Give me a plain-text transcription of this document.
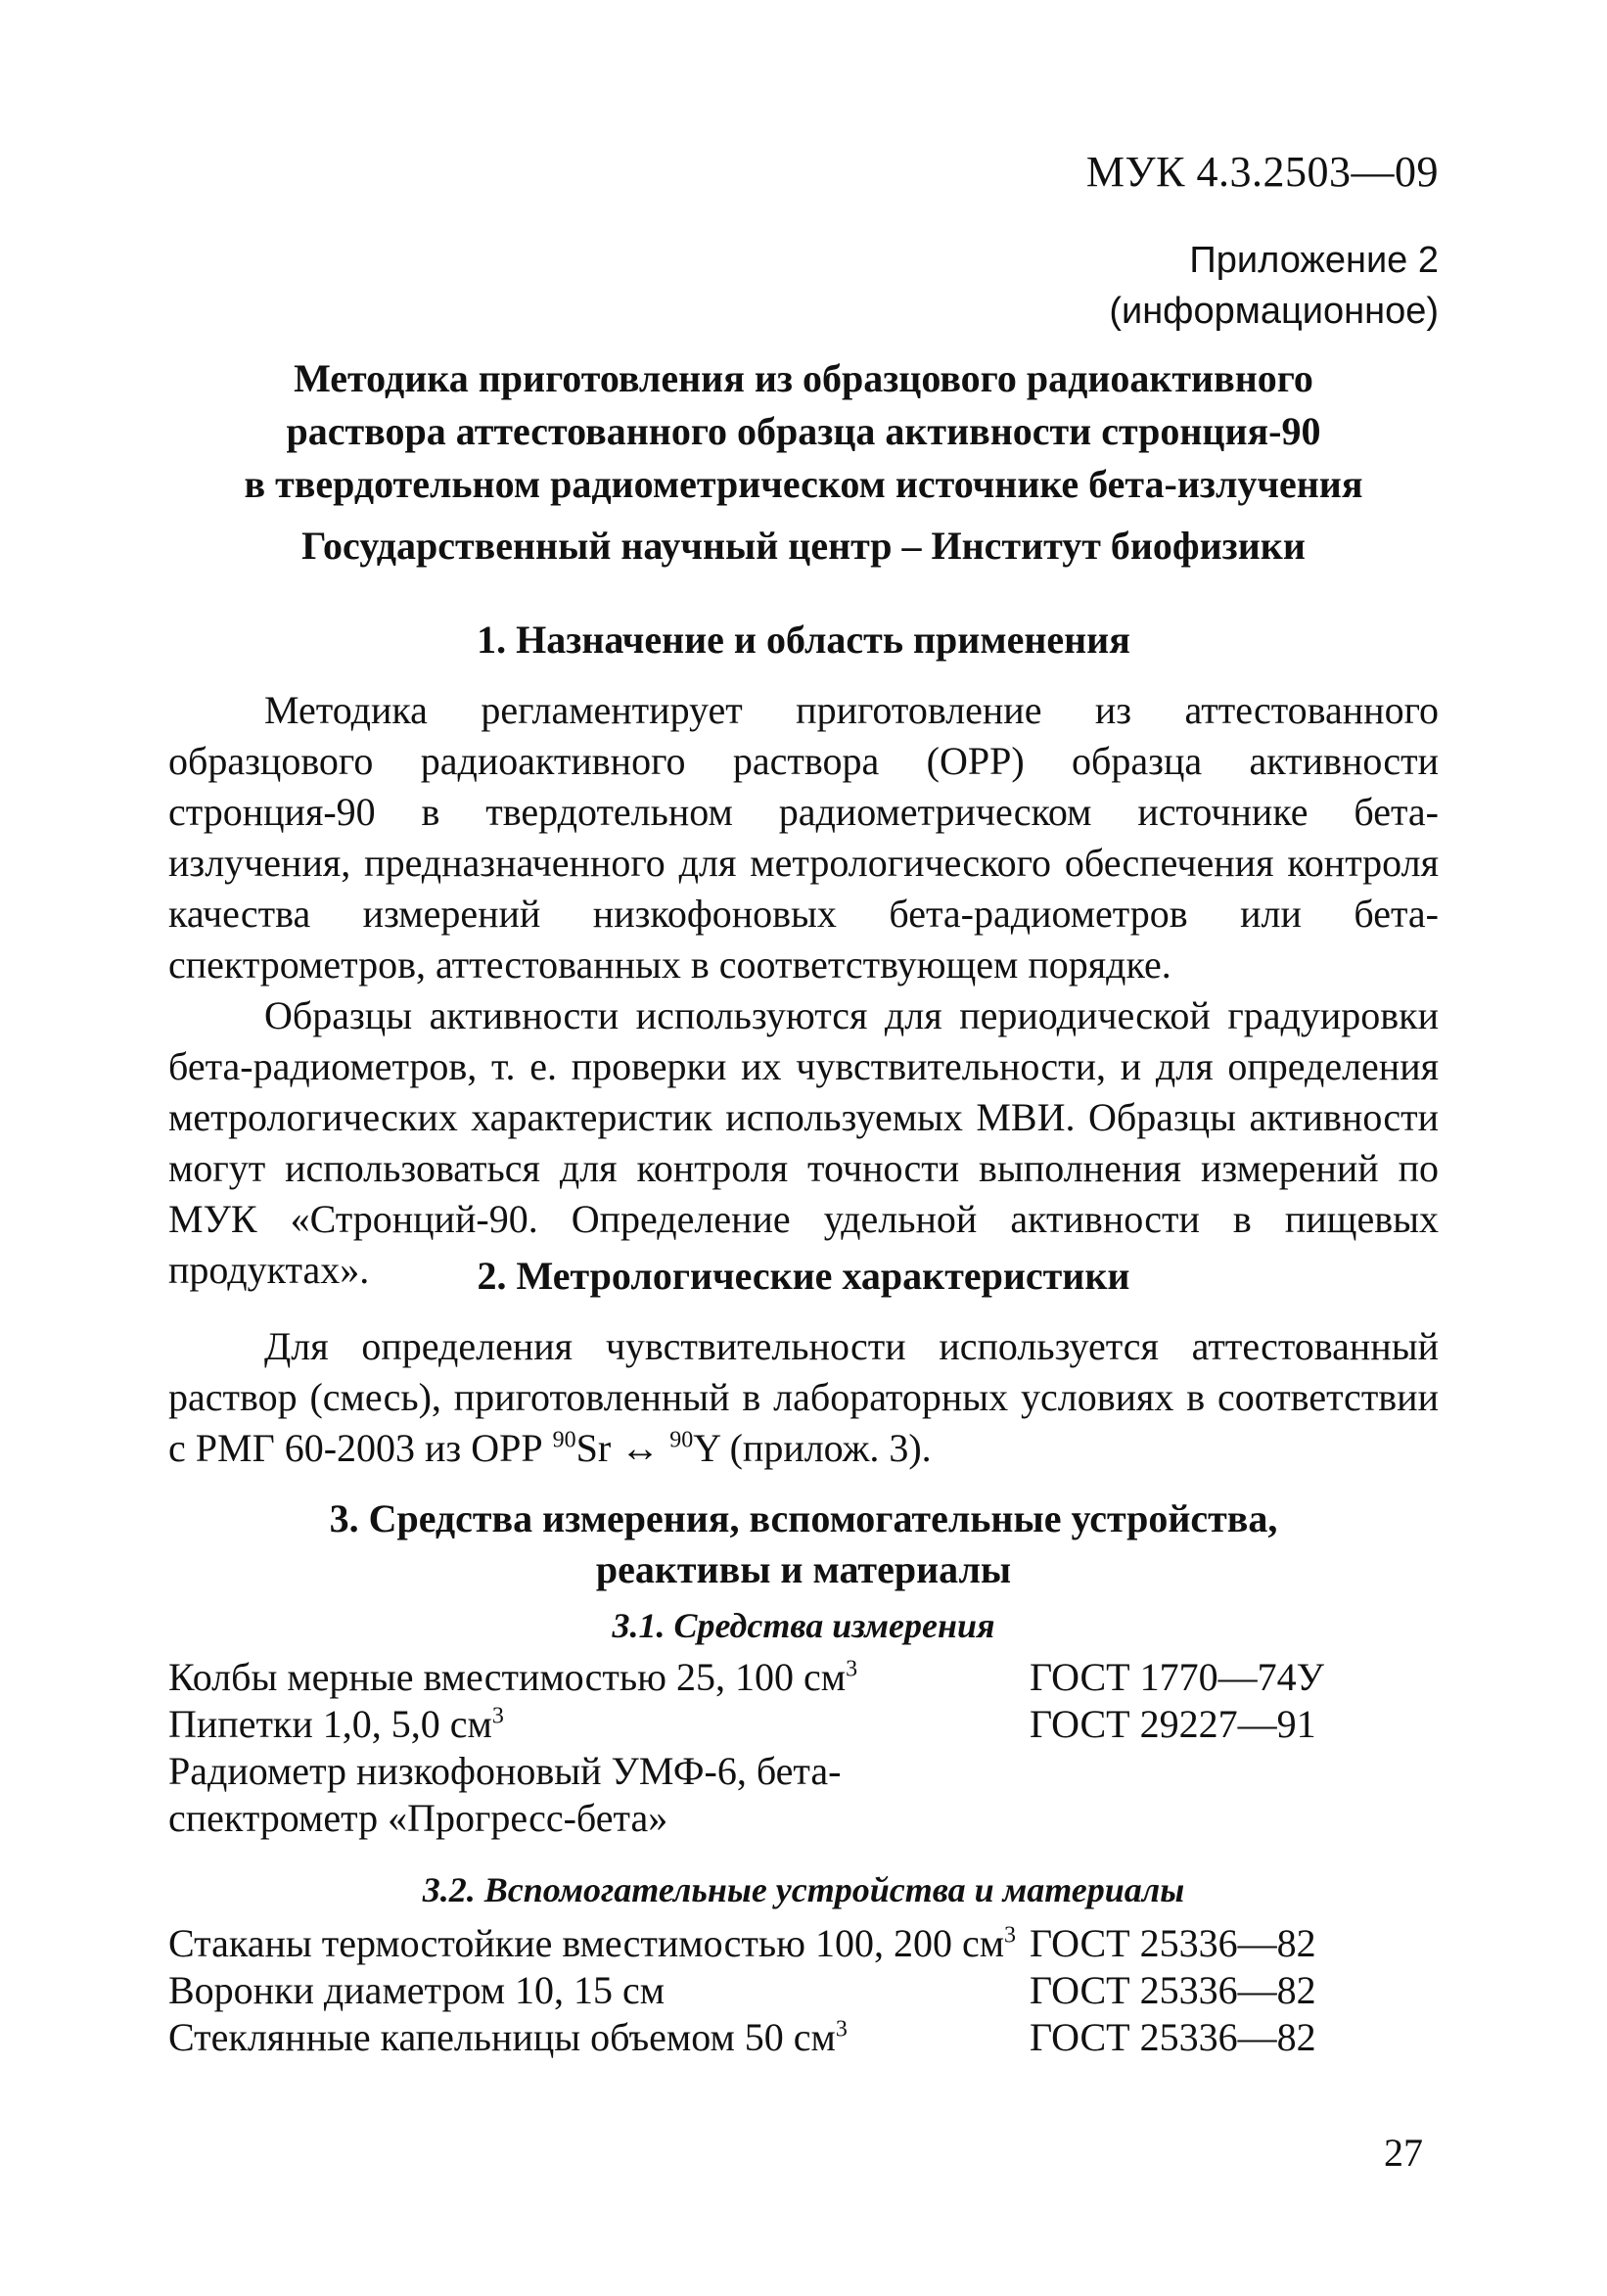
МУК 4.3.2503—09
Приложение 2
(информационное)
Методика приготовления из образцового радиоактивного
раствора аттестованного образца активности стронция-90
в твердотельном радиометрическом источнике бета-излучения
Государственный научный центр – Институт биофизики
1. Назначение и область применения

Методика регламентирует приготовление из аттестованного образцового радиоактивного раствора (ОРР) образца активности стронция-90 в твердотельном радиометрическом источнике бета-излучения, предназначенного для метрологического обеспечения контроля качества измерений низкофоновых бета-радиометров или бета-спектрометров, аттестованных в соответствующем порядке.

Образцы активности используются для периодической градуировки бета-радиометров, т. е. проверки их чувствительности, и для определения метрологических характеристик используемых МВИ. Образцы активности могут использоваться для контроля точности выполнения измерений по МУК «Стронций-90. Определение удельной активности в пищевых продуктах».	2. Метрологические характеристики

Для определения чувствительности используется аттестованный раствор (смесь), приготовленный в лабораторных условиях в соответствии с РМГ 60-2003 из ОРР $^{90}$Sr ↔ $^{90}$Y (прилож. 3).

3. Средства измерения, вспомогательные устройства,
реактивы и материалы
3.1. Средства измерения
Колбы мерные вместимостью 25, 100 $см^3$	ГОСТ 1770—74У
Пипетки 1,0, 5,0 $см^3$	ГОСТ 29227—91
Радиометр низкофоновый УМФ-6, бета-
спектрометр «Прогресс-бета»
3.2. Вспомогательные устройства и материалы
Стаканы термостойкие вместимостью 100, 200 $см^3$ ГОСТ 25336—82
Воронки диаметром 10, 15 см	ГОСТ 25336—82
Стеклянные капельницы объемом 50 $см^3$	ГОСТ 25336—82
27
